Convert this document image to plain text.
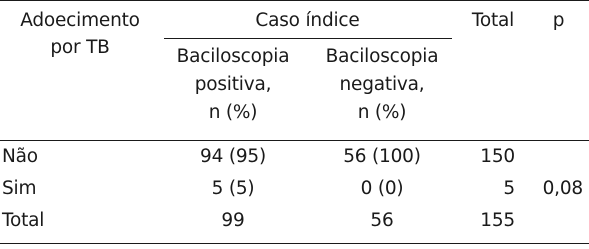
Adoecimento
por TB
Caso índice
Baciloscopia
positiva,
n (%)
Baciloscopia
negativa,
n (%)
Total	p
Não	94 (95)	56 (100)	150
Sim	5 (5)	0 (0)	5	0,08
Total	99	56	155
